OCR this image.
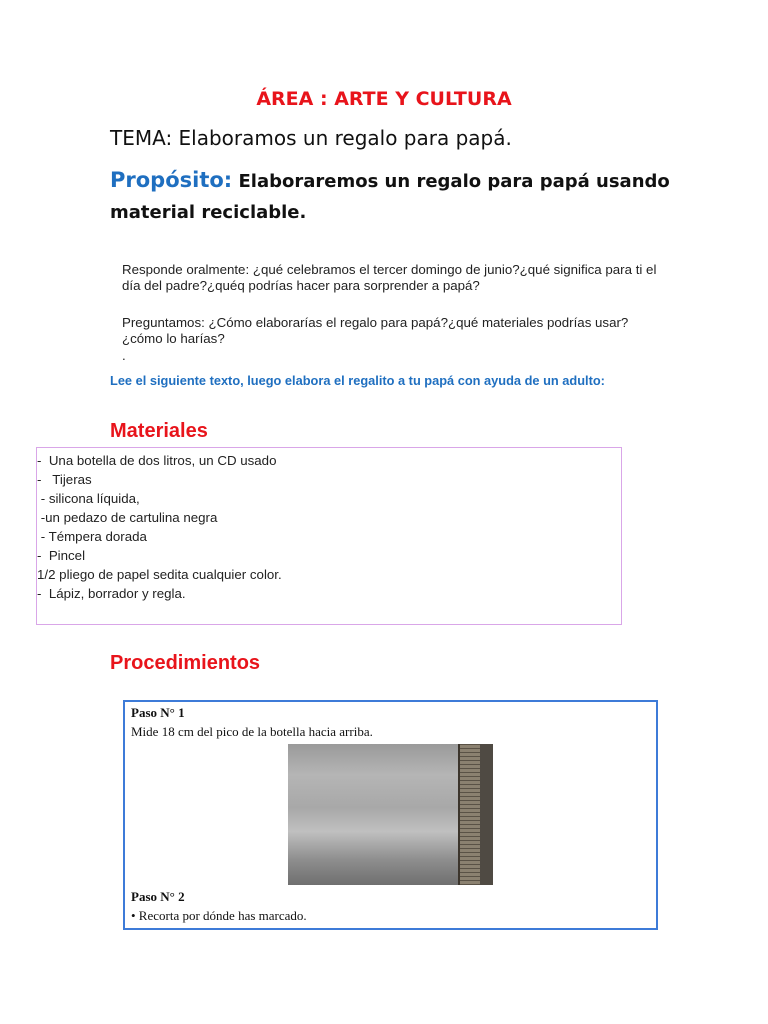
ÁREA : ARTE Y CULTURA
TEMA: Elaboramos un regalo para papá.
Propósito: Elaboraremos un regalo para papá usando material reciclable.
Responde oralmente: ¿qué celebramos el tercer domingo de junio?¿qué significa para ti el día del padre?¿quéq podrías hacer para sorprender a papá?
Preguntamos: ¿Cómo elaborarías el regalo para papá?¿qué materiales podrías usar?¿cómo lo harías?
.
Lee el siguiente texto, luego elabora el regalito a tu papá con ayuda de un adulto:
Materiales
-  Una botella de dos litros, un CD usado
-   Tijeras
- silicona líquida,
-un pedazo de cartulina negra
- Témpera dorada
-  Pincel
1/2 pliego de papel sedita cualquier color.
-  Lápiz, borrador y regla.
Procedimientos
Paso N° 1
Mide 18 cm del pico de la botella hacia arriba.
Paso N° 2
• Recorta por dónde has marcado.
